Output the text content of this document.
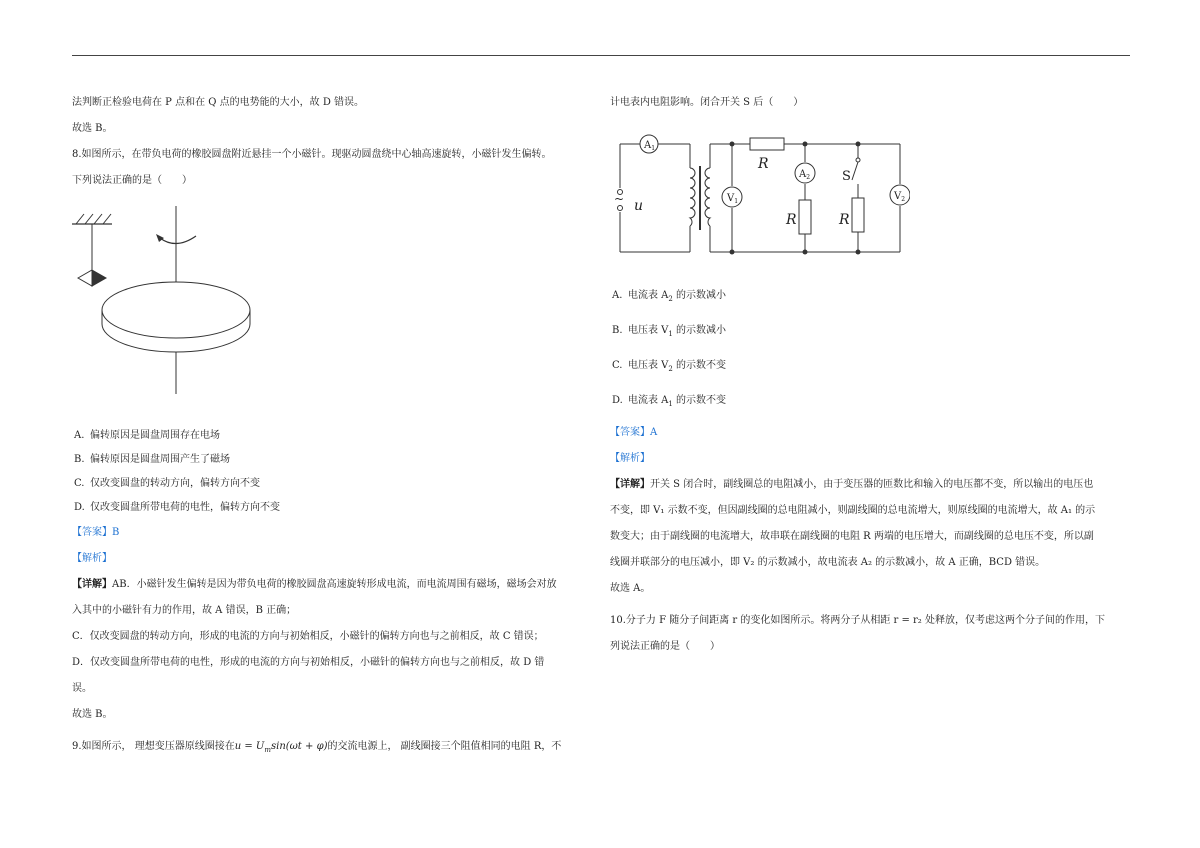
法判断正检验电荷在 P 点和在 Q 点的电势能的大小，故 D 错误。
故选 B。
8.如图所示，在带负电荷的橡胶圆盘附近悬挂一个小磁针。现驱动圆盘绕中心轴高速旋转，小磁针发生偏转。
下列说法正确的是（　　）
A. 偏转原因是圆盘周围存在电场
B. 偏转原因是圆盘周围产生了磁场
C. 仅改变圆盘的转动方向，偏转方向不变
D. 仅改变圆盘所带电荷的电性，偏转方向不变
【答案】B
【解析】
【详解】AB．小磁针发生偏转是因为带负电荷的橡胶圆盘高速旋转形成电流，而电流周围有磁场，磁场会对放
入其中的小磁针有力的作用，故 A 错误，B 正确；
C．仅改变圆盘的转动方向，形成的电流的方向与初始相反，小磁针的偏转方向也与之前相反，故 C 错误；
D．仅改变圆盘所带电荷的电性，形成的电流的方向与初始相反，小磁针的偏转方向也与之前相反，故 D 错
误。
故选 B。
9.如图所示， 理想变压器原线圈接在$u = U_m\sin(\omega t + \varphi)$的交流电源上， 副线圈接三个阻值相同的电阻 R，不
计电表内电阻影响。闭合开关 S 后（　　）
$A_1$
$V_1$
$A_2$
$V_2$
R
R	R
S
u
~
A. 电流表 $A_2$ 的示数减小
B. 电压表 $V_1$ 的示数减小
C. 电压表 $V_2$ 的示数不变
D. 电流表 $A_1$ 的示数不变
【答案】A
【解析】
【详解】开关 S 闭合时，副线圈总的电阻减小，由于变压器的匝数比和输入的电压都不变，所以输出的电压也
不变，即 V₁ 示数不变，但因副线圈的总电阻减小，则副线圈的总电流增大，则原线圈的电流增大，故 A₁ 的示
数变大；由于副线圈的电流增大，故串联在副线圈的电阻 R 两端的电压增大，而副线圈的总电压不变，所以副
线圈并联部分的电压减小，即 V₂ 的示数减小，故电流表 A₂ 的示数减小，故 A 正确，BCD 错误。
故选 A。
10.分子力 F 随分子间距离 r 的变化如图所示。将两分子从相距 r = r₂ 处释放，仅考虑这两个分子间的作用，下
列说法正确的是（　　）
